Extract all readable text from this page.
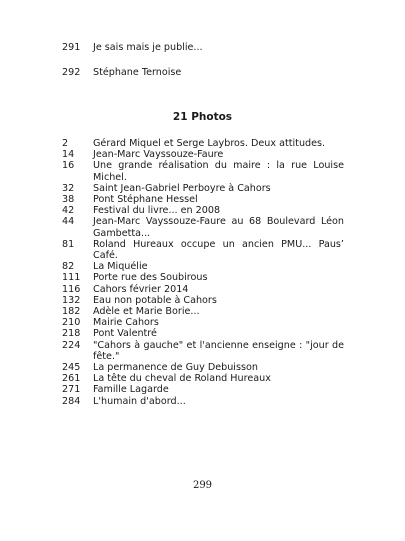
291	Je sais mais je publie...
292	Stéphane Ternoise
21 Photos
2	Gérard Miquel et Serge Laybros. Deux attitudes.
14	Jean-Marc Vayssouze-Faure
16	Une grande réalisation du maire : la rue Louise Michel.
32	Saint Jean-Gabriel Perboyre à Cahors
38	Pont Stéphane Hessel
42	Festival du livre... en 2008
44	Jean-Marc Vayssouze-Faure au 68 Boulevard Léon Gambetta...
81	Roland Hureaux occupe un ancien PMU... Paus’ Café.
82	La Miquélie
111	Porte rue des Soubirous
116	Cahors février 2014
132	Eau non potable à Cahors
182	Adèle et Marie Borie...
210	Mairie Cahors
218	Pont Valentré
224	"Cahors à gauche" et l'ancienne enseigne : "jour de fête."
245	La permanence de Guy Debuisson
261	La tête du cheval de Roland Hureaux
271	Famille Lagarde
284	L'humain d'abord...
299
